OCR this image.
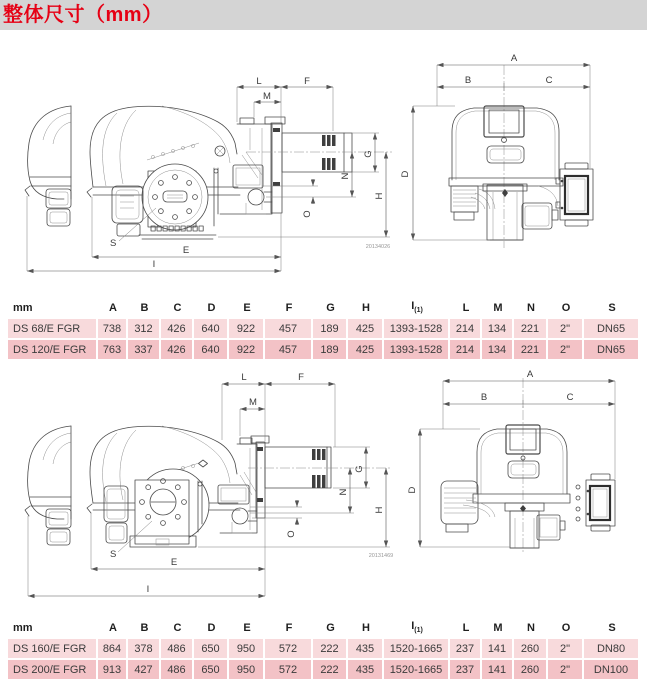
整体尺寸（mm）
L	F
M
E
I
S
G
N
H
O
20134026
A
B	C
D
mm	A	B	C	D	E	F	G	H	$I_{(1)}$	L	M	N	O	S
DS 68/E FGR	738	312	426	640	922	457	189	425	1393-1528	214	134	221	2"	DN65
DS 120/E FGR	763	337	426	640	922	457	189	425	1393-1528	214	134	221	2"	DN65
L	F
M
E
I
S
G
N
H
O
20131469
A
B	C
D
mm	A	B	C	D	E	F	G	H	$I_{(1)}$	L	M	N	O	S
DS 160/E FGR	864	378	486	650	950	572	222	435	1520-1665	237	141	260	2"	DN80
DS 200/E FGR	913	427	486	650	950	572	222	435	1520-1665	237	141	260	2"	DN100
